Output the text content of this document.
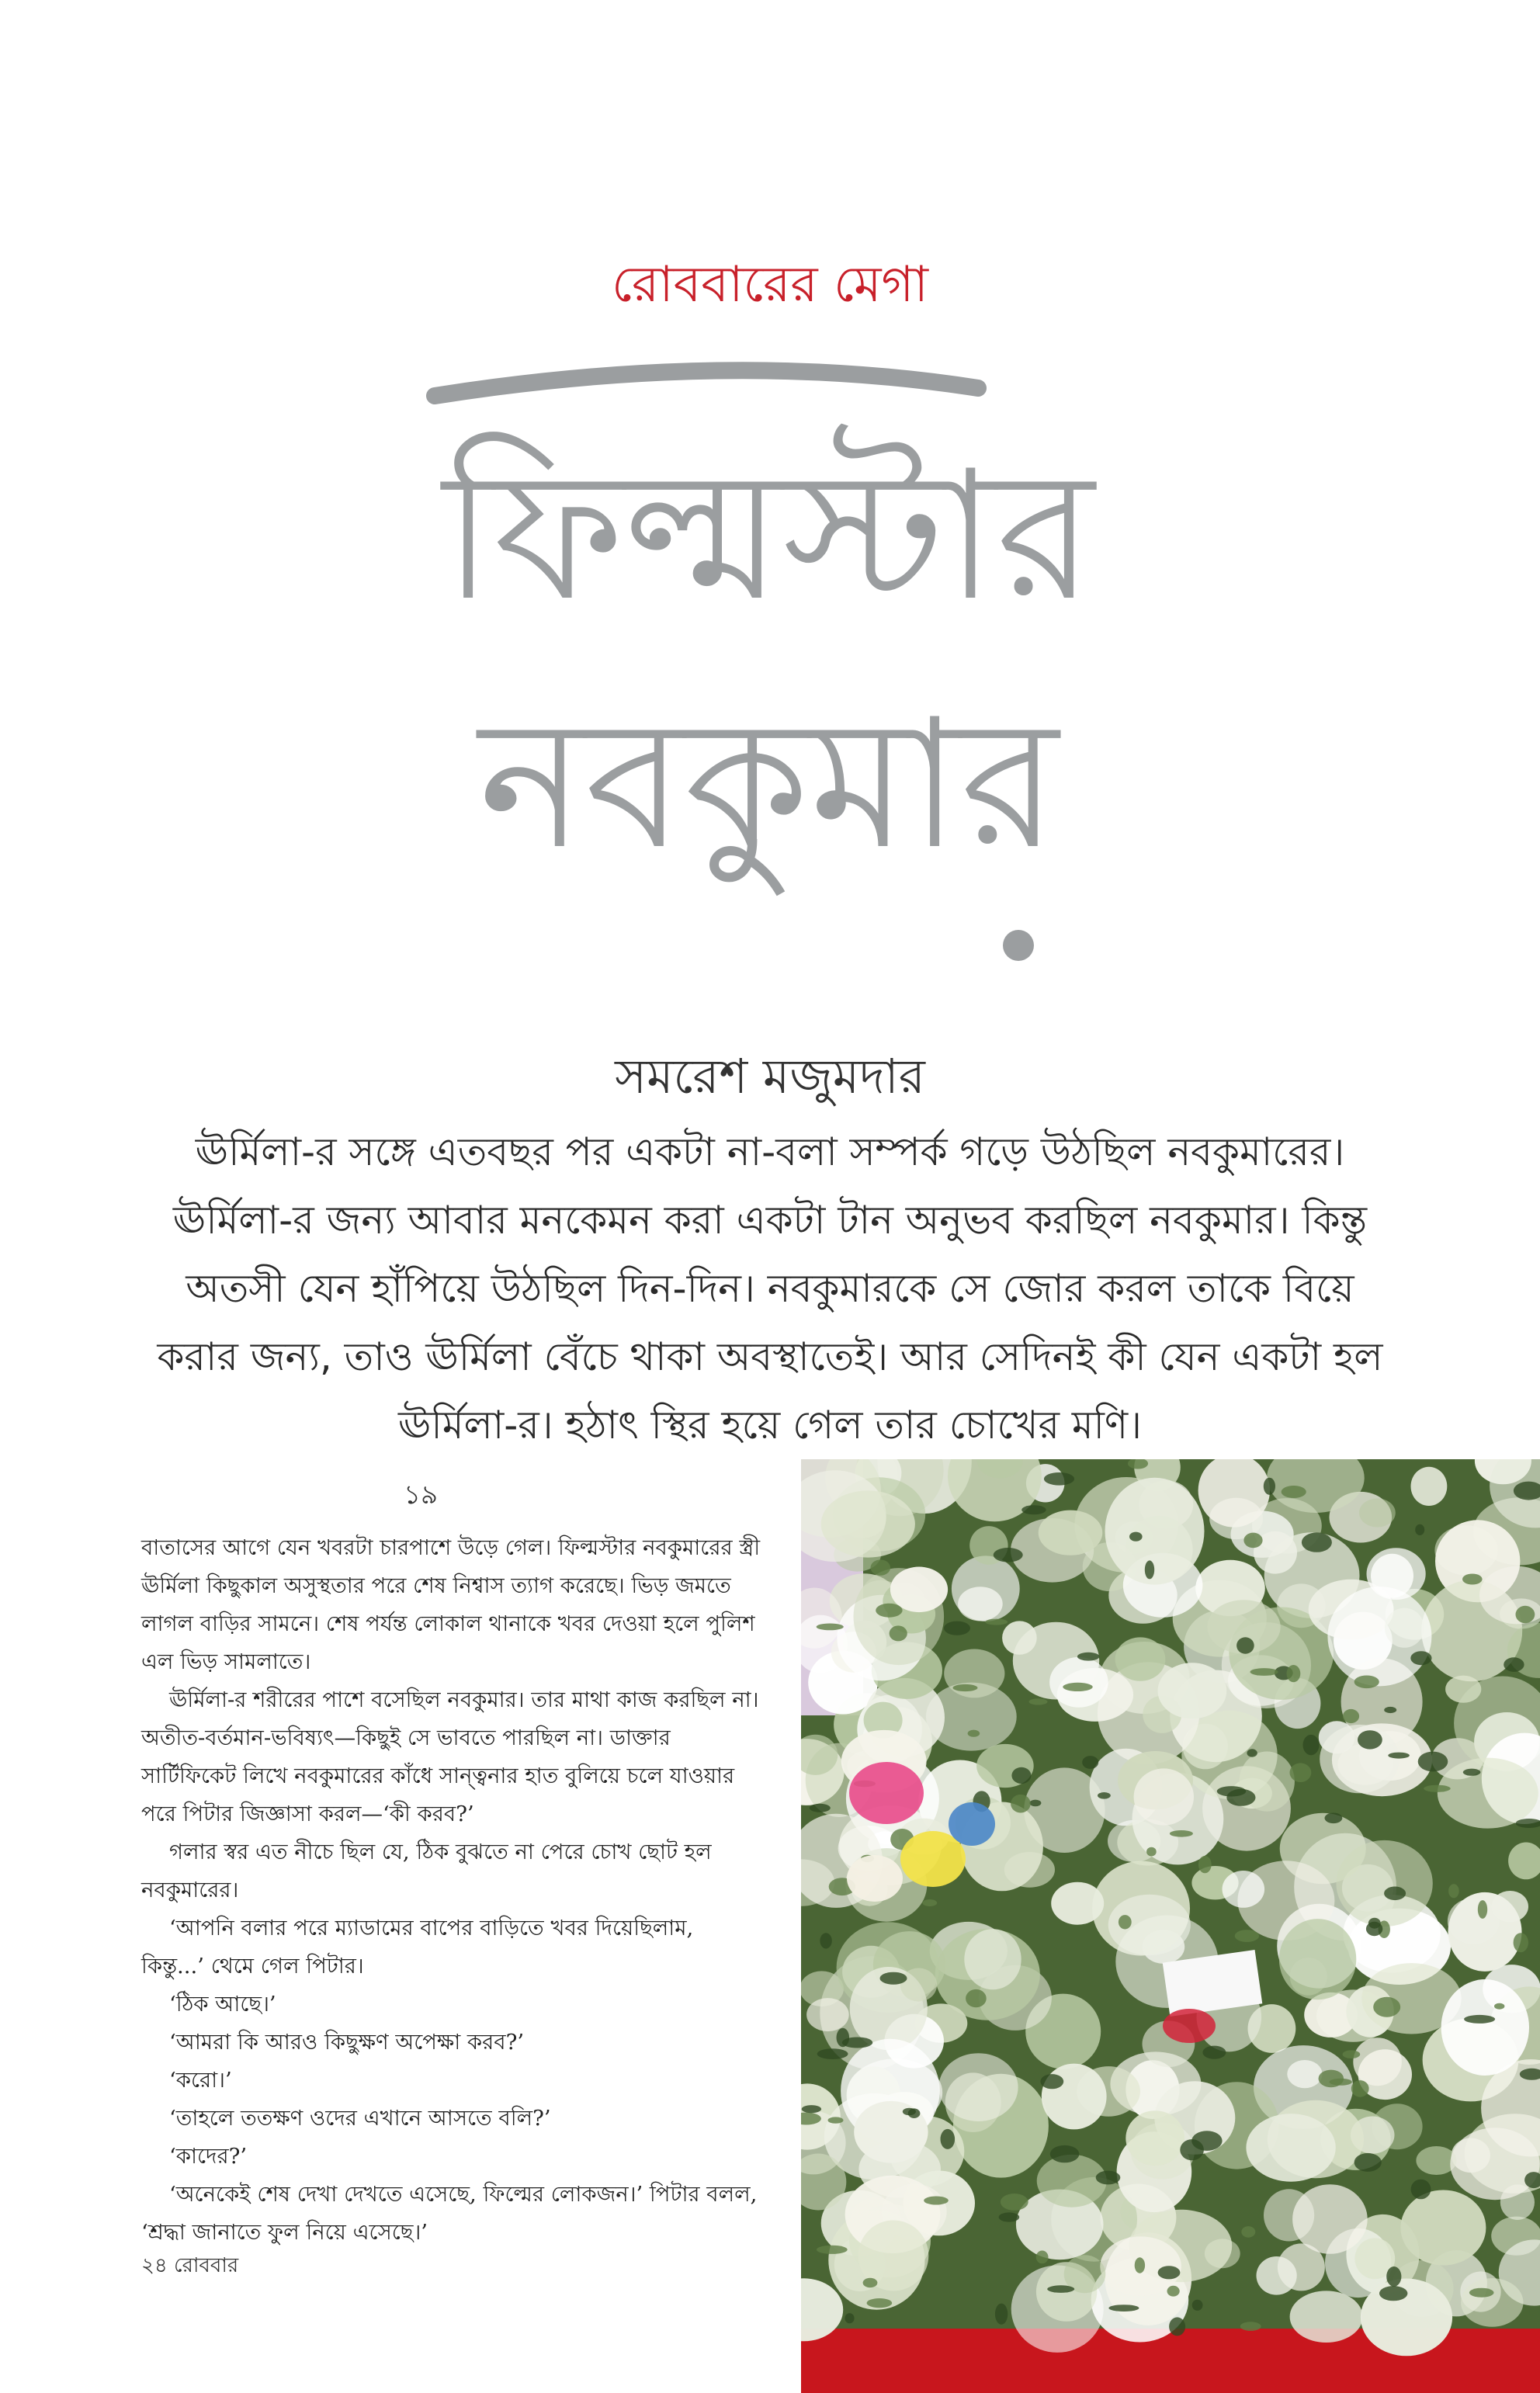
রোববারের মেগা
ফিল্মস্টার
নবকুমার
সমরেশ মজুমদার
ঊর্মিলা-র সঙ্গে এতবছর পর একটা না-বলা সম্পর্ক গড়ে উঠছিল নবকুমারের।
ঊর্মিলা-র জন্য আবার মনকেমন করা একটা টান অনুভব করছিল নবকুমার। কিন্তু
অতসী যেন হাঁপিয়ে উঠছিল দিন-দিন। নবকুমারকে সে জোর করল তাকে বিয়ে
করার জন্য, তাও ঊর্মিলা বেঁচে থাকা অবস্থাতেই। আর সেদিনই কী যেন একটা হল
ঊর্মিলা-র। হঠাৎ স্থির হয়ে গেল তার চোখের মণি।
১৯

বাতাসের আগে যেন খবরটা চারপাশে উড়ে গেল। ফিল্মস্টার নবকুমারের স্ত্রী ঊর্মিলা কিছুকাল অসুস্থতার পরে শেষ নিশ্বাস ত্যাগ করেছে। ভিড় জমতে লাগল বাড়ির সামনে। শেষ পর্যন্ত লোকাল থানাকে খবর দেওয়া হলে পুলিশ এল ভিড় সামলাতে।

ঊর্মিলা-র শরীরের পাশে বসেছিল নবকুমার। তার মাথা কাজ করছিল না। অতীত-বর্তমান-ভবিষ্যৎ—কিছুই সে ভাবতে পারছিল না। ডাক্তার সার্টিফিকেট লিখে নবকুমারের কাঁধে সান্ত্বনার হাত বুলিয়ে চলে যাওয়ার পরে পিটার জিজ্ঞাসা করল—‘কী করব?’

গলার স্বর এত নীচে ছিল যে, ঠিক বুঝতে না পেরে চোখ ছোট হল নবকুমারের।

‘আপনি বলার পরে ম্যাডামের বাপের বাড়িতে খবর দিয়েছিলাম, কিন্তু...’ থেমে গেল পিটার।

‘ঠিক আছে।’

‘আমরা কি আরও কিছুক্ষণ অপেক্ষা করব?’

‘করো।’

‘তাহলে ততক্ষণ ওদের এখানে আসতে বলি?’

‘কাদের?’

‘অনেকেই শেষ দেখা দেখতে এসেছে, ফিল্মের লোকজন।’ পিটার বলল, ‘শ্রদ্ধা জানাতে ফুল নিয়ে এসেছে।’

২৪ রোববার
